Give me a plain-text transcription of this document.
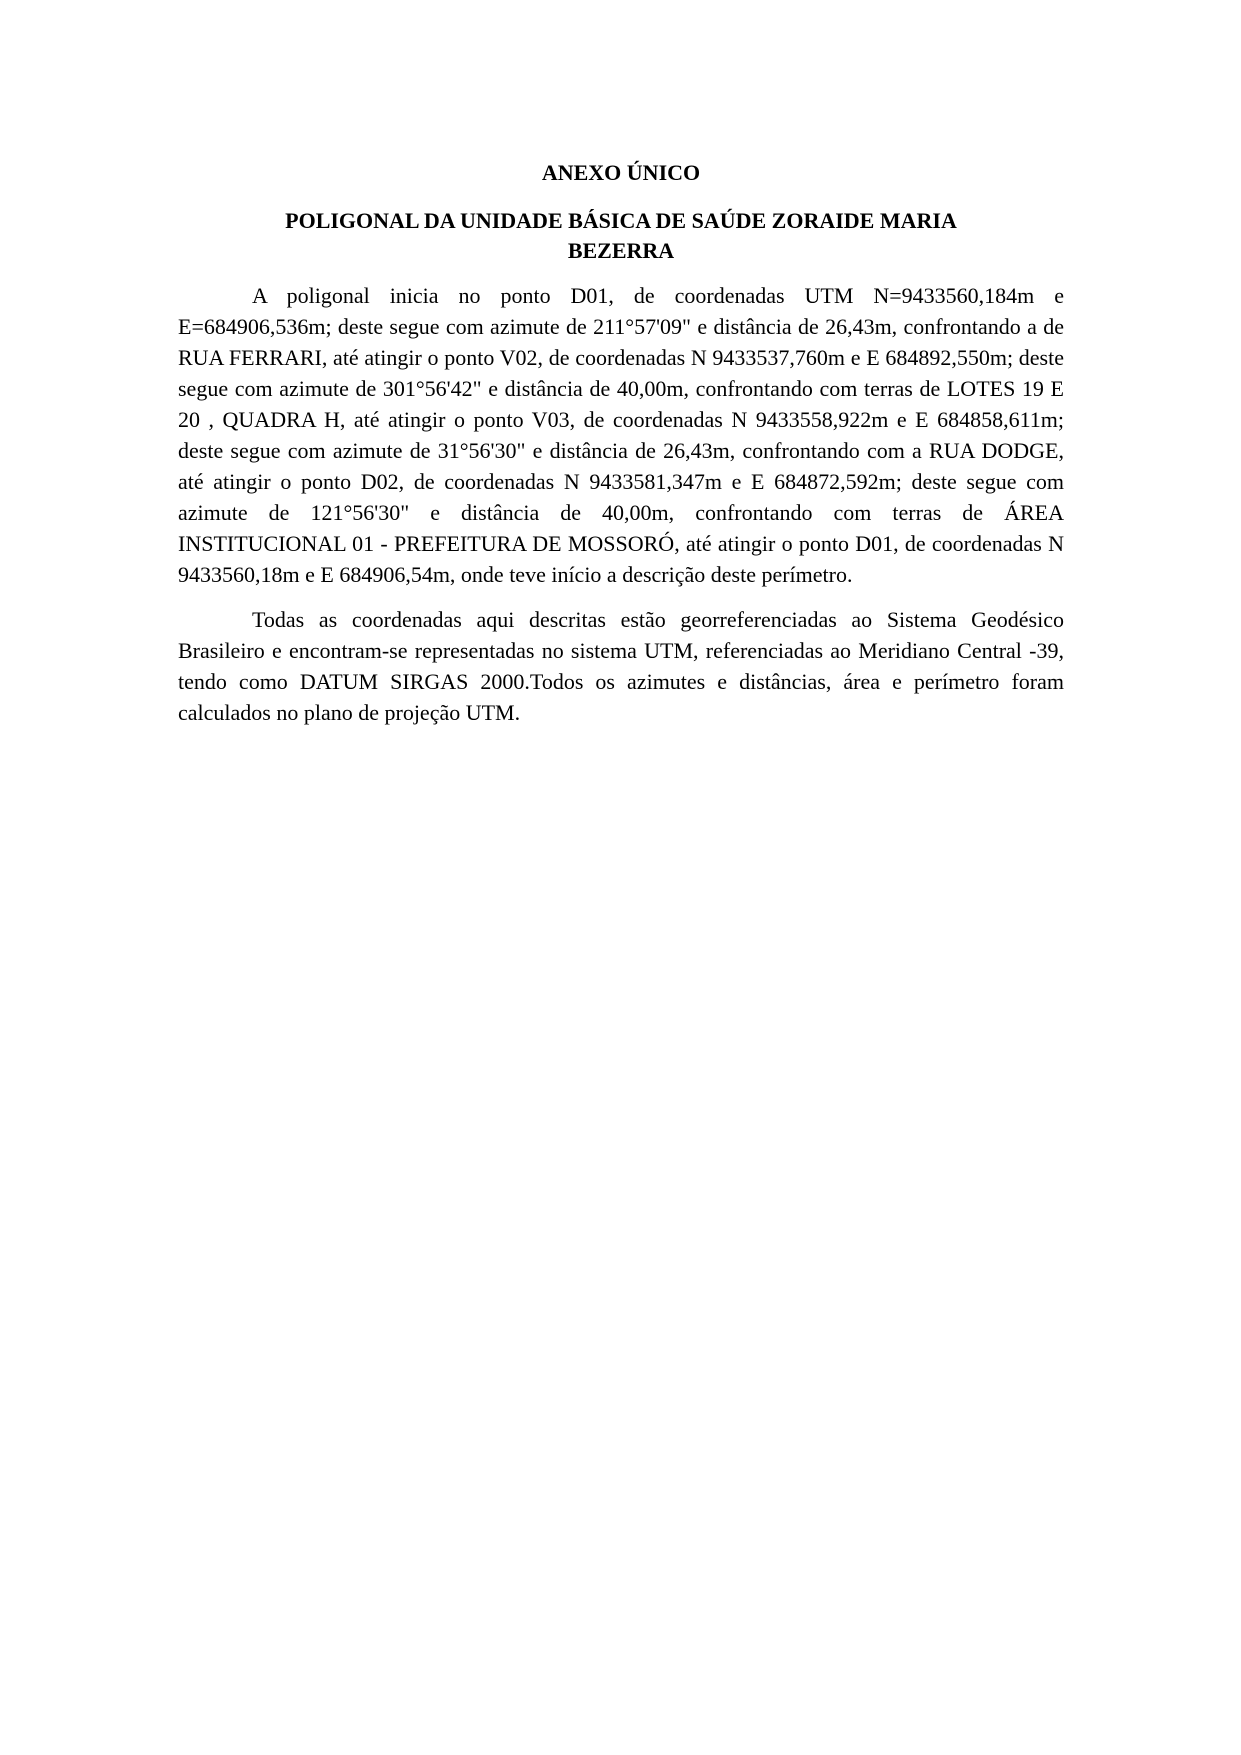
ANEXO ÚNICO

POLIGONAL DA UNIDADE BÁSICA DE SAÚDE ZORAIDE MARIA
BEZERRA

A poligonal inicia no ponto D01, de coordenadas UTM N=9433560,184m e E=684906,536m; deste segue com azimute de 211°57'09" e distância de 26,43m, confrontando a de RUA FERRARI, até atingir o ponto V02, de coordenadas N 9433537,760m e E 684892,550m; deste segue com azimute de 301°56'42" e distância de 40,00m, confrontando com terras de LOTES 19 E 20 , QUADRA H, até atingir o ponto V03, de coordenadas N 9433558,922m e E 684858,611m; deste segue com azimute de 31°56'30" e distância de 26,43m, confrontando com a RUA DODGE, até atingir o ponto D02, de coordenadas N 9433581,347m e E 684872,592m; deste segue com azimute de 121°56'30" e distância de 40,00m, confrontando com terras de ÁREA INSTITUCIONAL 01 - PREFEITURA DE MOSSORÓ, até atingir o ponto D01, de coordenadas N 9433560,18m e E 684906,54m, onde teve início a descrição deste perímetro.

Todas as coordenadas aqui descritas estão georreferenciadas ao Sistema Geodésico Brasileiro e encontram-se representadas no sistema UTM, referenciadas ao Meridiano Central -39, tendo como DATUM SIRGAS 2000.Todos os azimutes e distâncias, área e perímetro foram calculados no plano de projeção UTM.
